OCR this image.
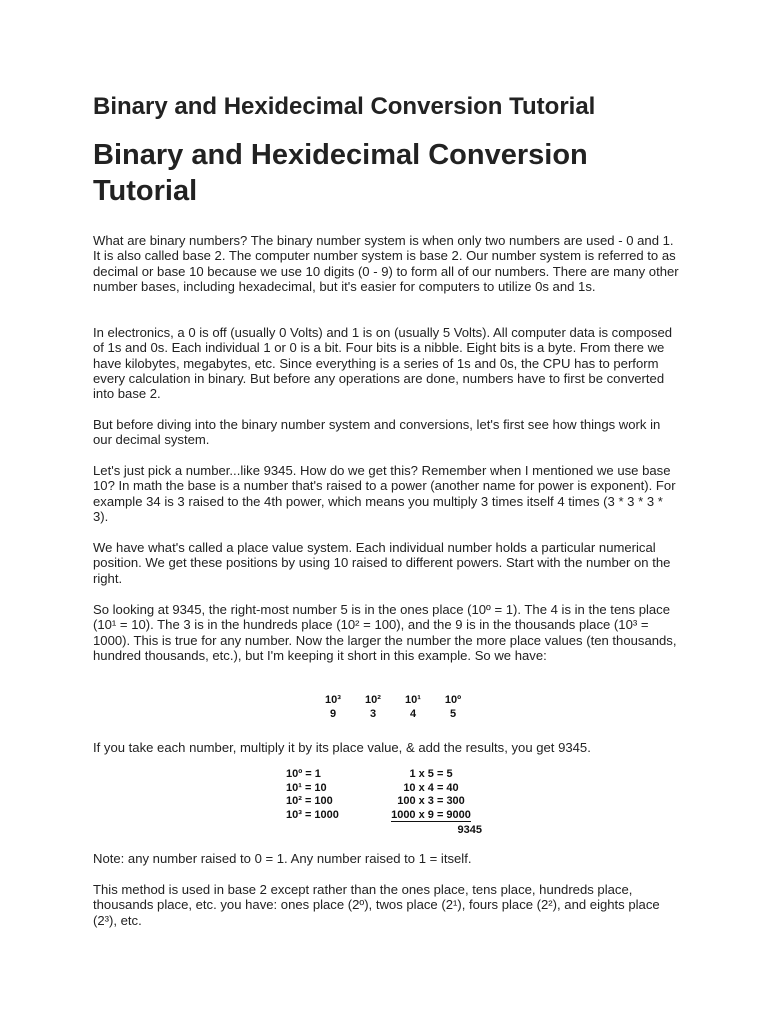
Binary and Hexidecimal Conversion Tutorial
Binary and Hexidecimal Conversion Tutorial

What are binary numbers? The binary number system is when only two numbers are used - 0 and 1. It is also called base 2. The computer number system is base 2. Our number system is referred to as decimal or base 10 because we use 10 digits (0 - 9) to form all of our numbers. There are many other number bases, including hexadecimal, but it's easier for computers to utilize 0s and 1s.

In electronics, a 0 is off (usually 0 Volts) and 1 is on (usually 5 Volts). All computer data is composed of 1s and 0s. Each individual 1 or 0 is a bit. Four bits is a nibble. Eight bits is a byte. From there we have kilobytes, megabytes, etc. Since everything is a series of 1s and 0s, the CPU has to perform every calculation in binary. But before any operations are done, numbers have to first be converted into base 2.

But before diving into the binary number system and conversions, let's first see how things work in our decimal system.

Let's just pick a number...like 9345. How do we get this? Remember when I mentioned we use base 10? In math the base is a number that's raised to a power (another name for power is exponent). For example 34 is 3 raised to the 4th power, which means you multiply 3 times itself 4 times (3 * 3 * 3 * 3).

We have what's called a place value system. Each individual number holds a particular numerical position. We get these positions by using 10 raised to different powers. Start with the number on the right.

So looking at 9345, the right-most number 5 is in the ones place (10º = 1). The 4 is in the tens place (10¹ = 10). The 3 is in the hundreds place (10² = 100), and the 9 is in the thousands place (10³ = 1000). This is true for any number. Now the larger the number the more place values (ten thousands, hundred thousands, etc.), but I'm keeping it short in this example. So we have:

10³	10²	10¹	10º
9	3	4	5

If you take each number, multiply it by its place value, & add the results, you get 9345.

10º = 1	1 x 5 = 5
10¹ = 10	10 x 4 = 40
10² = 100	100 x 3 = 300
10³ = 1000	1000 x 9 = 9000
9345

Note: any number raised to 0 = 1. Any number raised to 1 = itself.

This method is used in base 2 except rather than the ones place, tens place, hundreds place, thousands place, etc. you have: ones place (2º), twos place (2¹), fours place (2²), and eights place (2³), etc.
